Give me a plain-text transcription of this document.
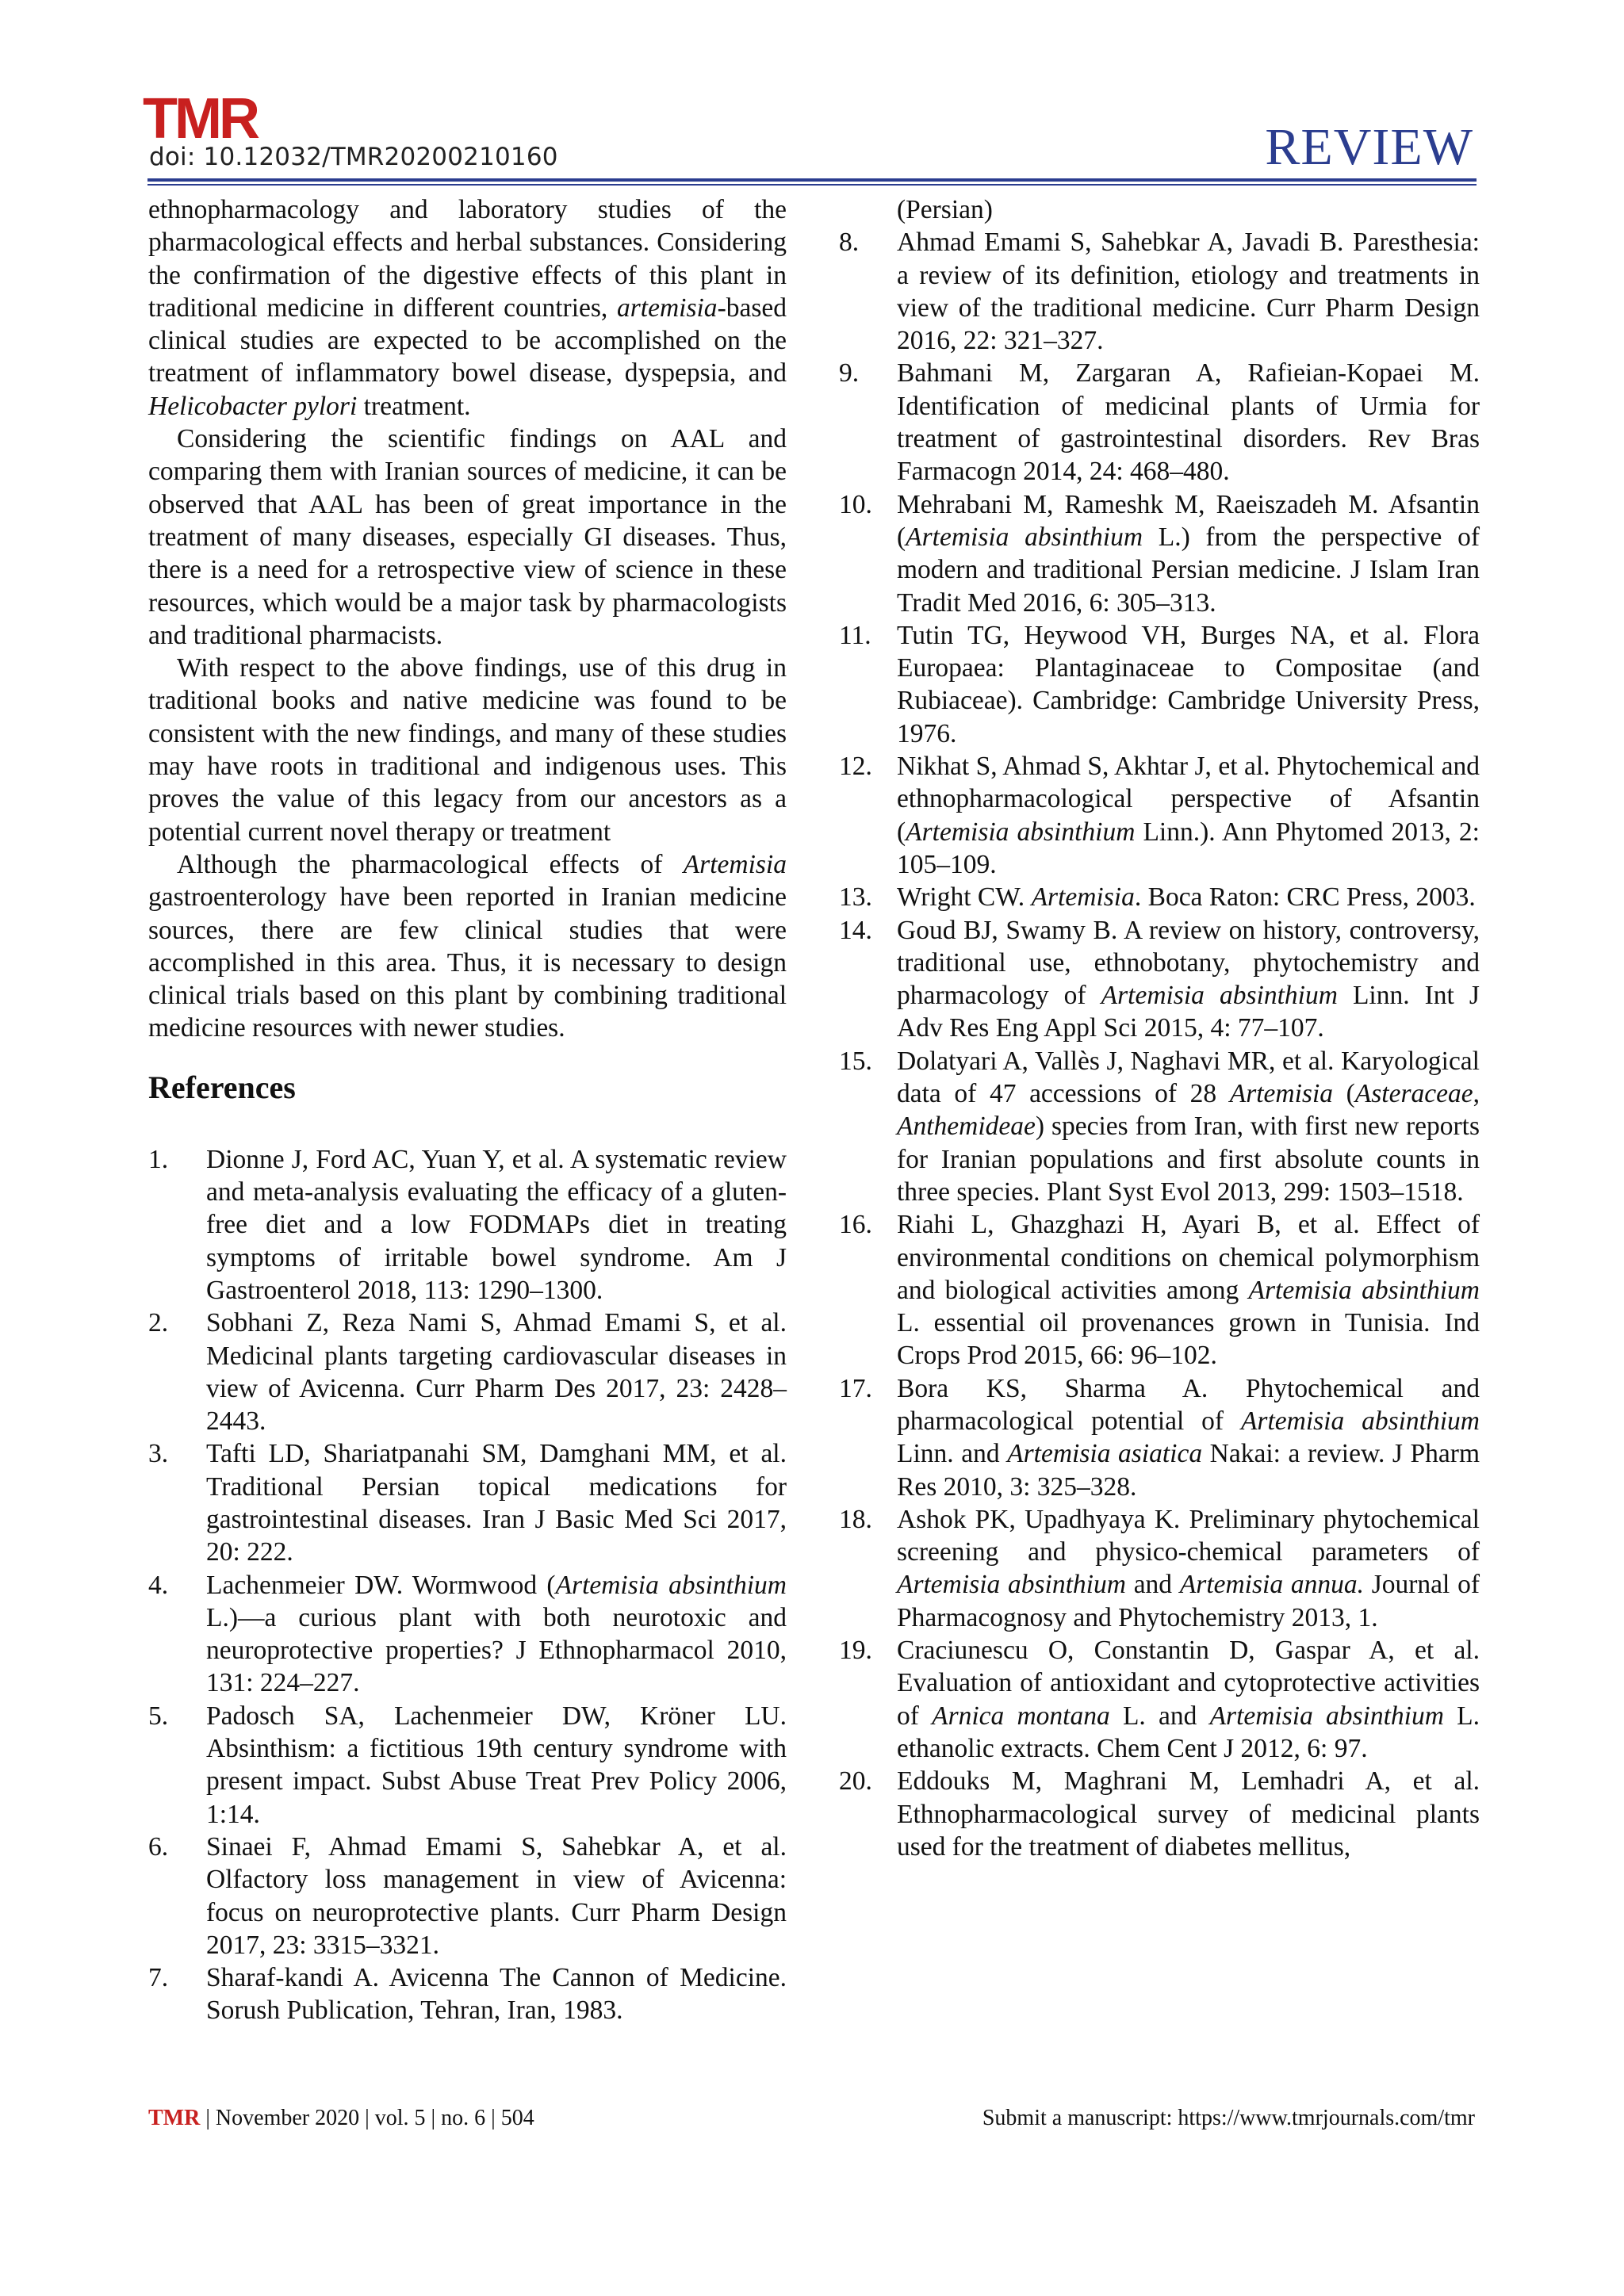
TMR
doi: 10.12032/TMR20200210160	REVIEW

ethnopharmacology and laboratory studies of the pharmacological effects and herbal substances. Considering the confirmation of the digestive effects of this plant in traditional medicine in different countries, artemisia-based clinical studies are expected to be accomplished on the treatment of inflammatory bowel disease, dyspepsia, and Helicobacter pylori treatment.

Considering the scientific findings on AAL and comparing them with Iranian sources of medicine, it can be observed that AAL has been of great importance in the treatment of many diseases, especially GI diseases. Thus, there is a need for a retrospective view of science in these resources, which would be a major task by pharmacologists and traditional pharmacists.

With respect to the above findings, use of this drug in traditional books and native medicine was found to be consistent with the new findings, and many of these studies may have roots in traditional and indigenous uses. This proves the value of this legacy from our ancestors as a potential current novel therapy or treatment

Although the pharmacological effects of Artemisia gastroenterology have been reported in Iranian medicine sources, there are few clinical studies that were accomplished in this area. Thus, it is necessary to design clinical trials based on this plant by combining traditional medicine resources with newer studies.

References
1.	Dionne J, Ford AC, Yuan Y, et al. A systematic review and meta-analysis evaluating the efficacy of a gluten-free diet and a low FODMAPs diet in treating symptoms of irritable bowel syndrome. Am J Gastroenterol 2018, 113: 1290–1300.
2.	Sobhani Z, Reza Nami S, Ahmad Emami S, et al. Medicinal plants targeting cardiovascular diseases in view of Avicenna. Curr Pharm Des 2017, 23: 2428–2443.
3.	Tafti LD, Shariatpanahi SM, Damghani MM, et al. Traditional Persian topical medications for gastrointestinal diseases. Iran J Basic Med Sci 2017, 20: 222.
4.	Lachenmeier DW. Wormwood (Artemisia absinthium L.)—a curious plant with both neurotoxic and neuroprotective properties? J Ethnopharmacol 2010, 131: 224–227.
5.	Padosch SA, Lachenmeier DW, Kröner LU. Absinthism: a fictitious 19th century syndrome with present impact. Subst Abuse Treat Prev Policy 2006, 1:14.
6.	Sinaei F, Ahmad Emami S, Sahebkar A, et al. Olfactory loss management in view of Avicenna: focus on neuroprotective plants. Curr Pharm Design 2017, 23: 3315–3321.
7.	Sharaf-kandi A. Avicenna The Cannon of Medicine. Sorush Publication, Tehran, Iran, 1983.
(Persian)
8.	Ahmad Emami S, Sahebkar A, Javadi B. Paresthesia: a review of its definition, etiology and treatments in view of the traditional medicine. Curr Pharm Design 2016, 22: 321–327.
9.	Bahmani M, Zargaran A, Rafieian-Kopaei M. Identification of medicinal plants of Urmia for treatment of gastrointestinal disorders. Rev Bras Farmacogn 2014, 24: 468–480.
10. Mehrabani M, Rameshk M, Raeiszadeh M. Afsantin (Artemisia absinthium L.) from the perspective of modern and traditional Persian medicine. J Islam Iran Tradit Med 2016, 6: 305–313.
11. Tutin TG, Heywood VH, Burges NA, et al. Flora Europaea: Plantaginaceae to Compositae (and Rubiaceae). Cambridge: Cambridge University Press, 1976.
12. Nikhat S, Ahmad S, Akhtar J, et al. Phytochemical and ethnopharmacological perspective of Afsantin (Artemisia absinthium Linn.). Ann Phytomed 2013, 2: 105–109.
13. Wright CW. Artemisia. Boca Raton: CRC Press, 2003.
14. Goud BJ, Swamy B. A review on history, controversy, traditional use, ethnobotany, phytochemistry and pharmacology of Artemisia absinthium Linn. Int J Adv Res Eng Appl Sci 2015, 4: 77–107.
15. Dolatyari A, Vallès J, Naghavi MR, et al. Karyological data of 47 accessions of 28 Artemisia (Asteraceae, Anthemideae) species from Iran, with first new reports for Iranian populations and first absolute counts in three species. Plant Syst Evol 2013, 299: 1503–1518.
16. Riahi L, Ghazghazi H, Ayari B, et al. Effect of environmental conditions on chemical polymorphism and biological activities among Artemisia absinthium L. essential oil provenances grown in Tunisia. Ind Crops Prod 2015, 66: 96–102.
17. Bora KS, Sharma A. Phytochemical and pharmacological potential of Artemisia absinthium Linn. and Artemisia asiatica Nakai: a review. J Pharm Res 2010, 3: 325–328.
18. Ashok PK, Upadhyaya K. Preliminary phytochemical screening and physico-chemical parameters of Artemisia absinthium and Artemisia annua. Journal of Pharmacognosy and Phytochemistry 2013, 1.
19. Craciunescu O, Constantin D, Gaspar A, et al. Evaluation of antioxidant and cytoprotective activities of Arnica montana L. and Artemisia absinthium L. ethanolic extracts. Chem Cent J 2012, 6: 97.
20. Eddouks M, Maghrani M, Lemhadri A, et al. Ethnopharmacological survey of medicinal plants used for the treatment of diabetes mellitus,
TMR | November 2020 | vol. 5 | no. 6 | 504	Submit a manuscript: https://www.tmrjournals.com/tmr
